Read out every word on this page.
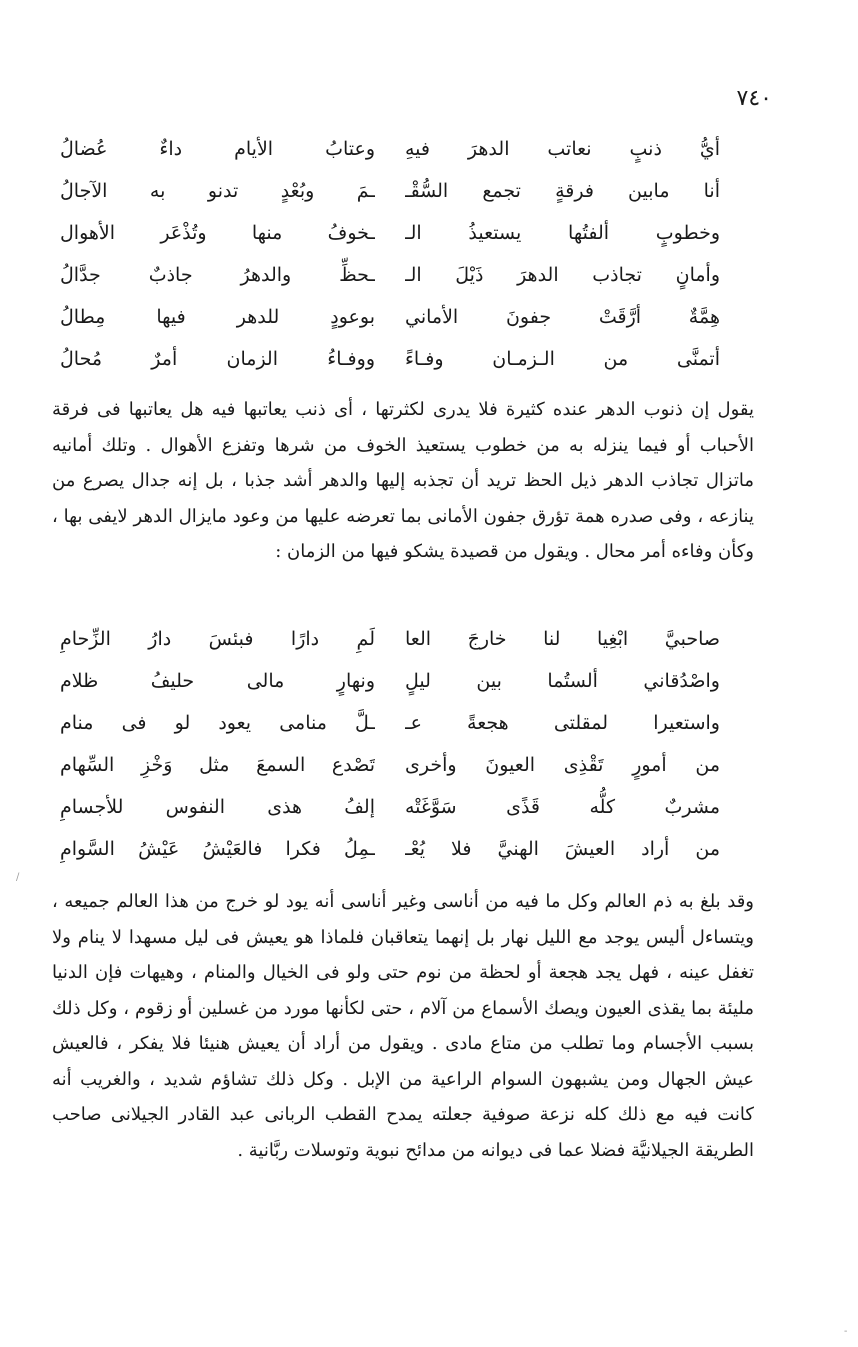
٧٤٠
أيُّ ذنبٍ نعاتب الدهرَ فيهِ
وعتابُ الأيام داءٌ عُضالُ
أنا مابين فرقةٍ تجمع السُّقْـ
ـمَ وبُعْدٍ تدنو به الآجالُ
وخطوبٍ ألفتُها يستعيذُ الـ
ـخوفُ منها وتُذْعَر الأهوال
وأمانٍ تجاذب الدهرَ ذَيْلَ الـ
ـحظِّ والدهرُ جاذبٌ جدَّالُ
هِمَّةٌ أرَّقَتْ جفونَ الأماني
بوعودٍ للدهر فيها مِطالُ
أتمنَّى من الـزمـان وفـاءً
ووفـاءُ الزمان أمرٌ مُحالُ

يقول إن ذنوب الدهر عنده كثيرة فلا يدرى لكثرتها ، أى ذنب يعاتبها فيه هل يعاتبها فى فرقة الأحباب أو فيما ينزله به من خطوب يستعيذ الخوف من شرها وتفزع الأهوال . وتلك أمانيه ماتزال تجاذب الدهر ذيل الحظ تريد أن تجذبه إليها والدهر أشد جذبا ، بل إنه جدال يصرع من ينازعه ، وفى صدره همة تؤرق جفون الأمانى بما تعرضه عليها من وعود مايزال الدهر لايفى بها ، وكأن وفاءه أمر محال . ويقول من قصيدة يشكو فيها من الزمان :

صاحبيَّ ابْغِيا لنا خارجَ العا
لَمِ دارًا فبئسَ دارُ الزِّحامِ
واصْدُقاني ألستُما بين ليلٍ
ونهارٍ مالى حليفُ ظلام
واستعيرا لمقلتى هجعةً عـ
ـلَّ منامى يعود لو فى منام
من أمورٍ تَقْذِى العيونَ وأخرى
تَصْدع السمعَ مثل وَخْزِ السِّهام
مشربٌ كلُّه قَذًى سَوَّغَتْه
إلفُ هذى النفوس للأجسامِ
من أراد العيشَ الهنيَّ فلا يُعْـ
ـمِلُ فكرا فالعَيْشُ عَيْشُ السَّوامِ

وقد بلغ به ذم العالم وكل ما فيه من أناسى وغير أناسى أنه يود لو خرج من هذا العالم جميعه ، ويتساءل أليس يوجد مع الليل نهار بل إنهما يتعاقبان فلماذا هو يعيش فى ليل مسهدا لا ينام ولا تغفل عينه ، فهل يجد هجعة أو لحظة من نوم حتى ولو فى الخيال والمنام ، وهيهات فإن الدنيا مليئة بما يقذى العيون ويصك الأسماع من آلام ، حتى لكأنها مورد من غسلين أو زقوم ، وكل ذلك بسبب الأجسام وما تطلب من متاع مادى . ويقول من أراد أن يعيش هنيئا فلا يفكر ، فالعيش عيش الجهال ومن يشبهون السوام الراعية من الإبل . وكل ذلك تشاؤم شديد ، والغريب أنه كانت فيه مع ذلك كله نزعة صوفية جعلته يمدح القطب الربانى عبد القادر الجيلانى صاحب الطريقة الجيلانيَّة فضلا عما فى ديوانه من مدائح نبوية وتوسلات ربَّانية .

/
-
